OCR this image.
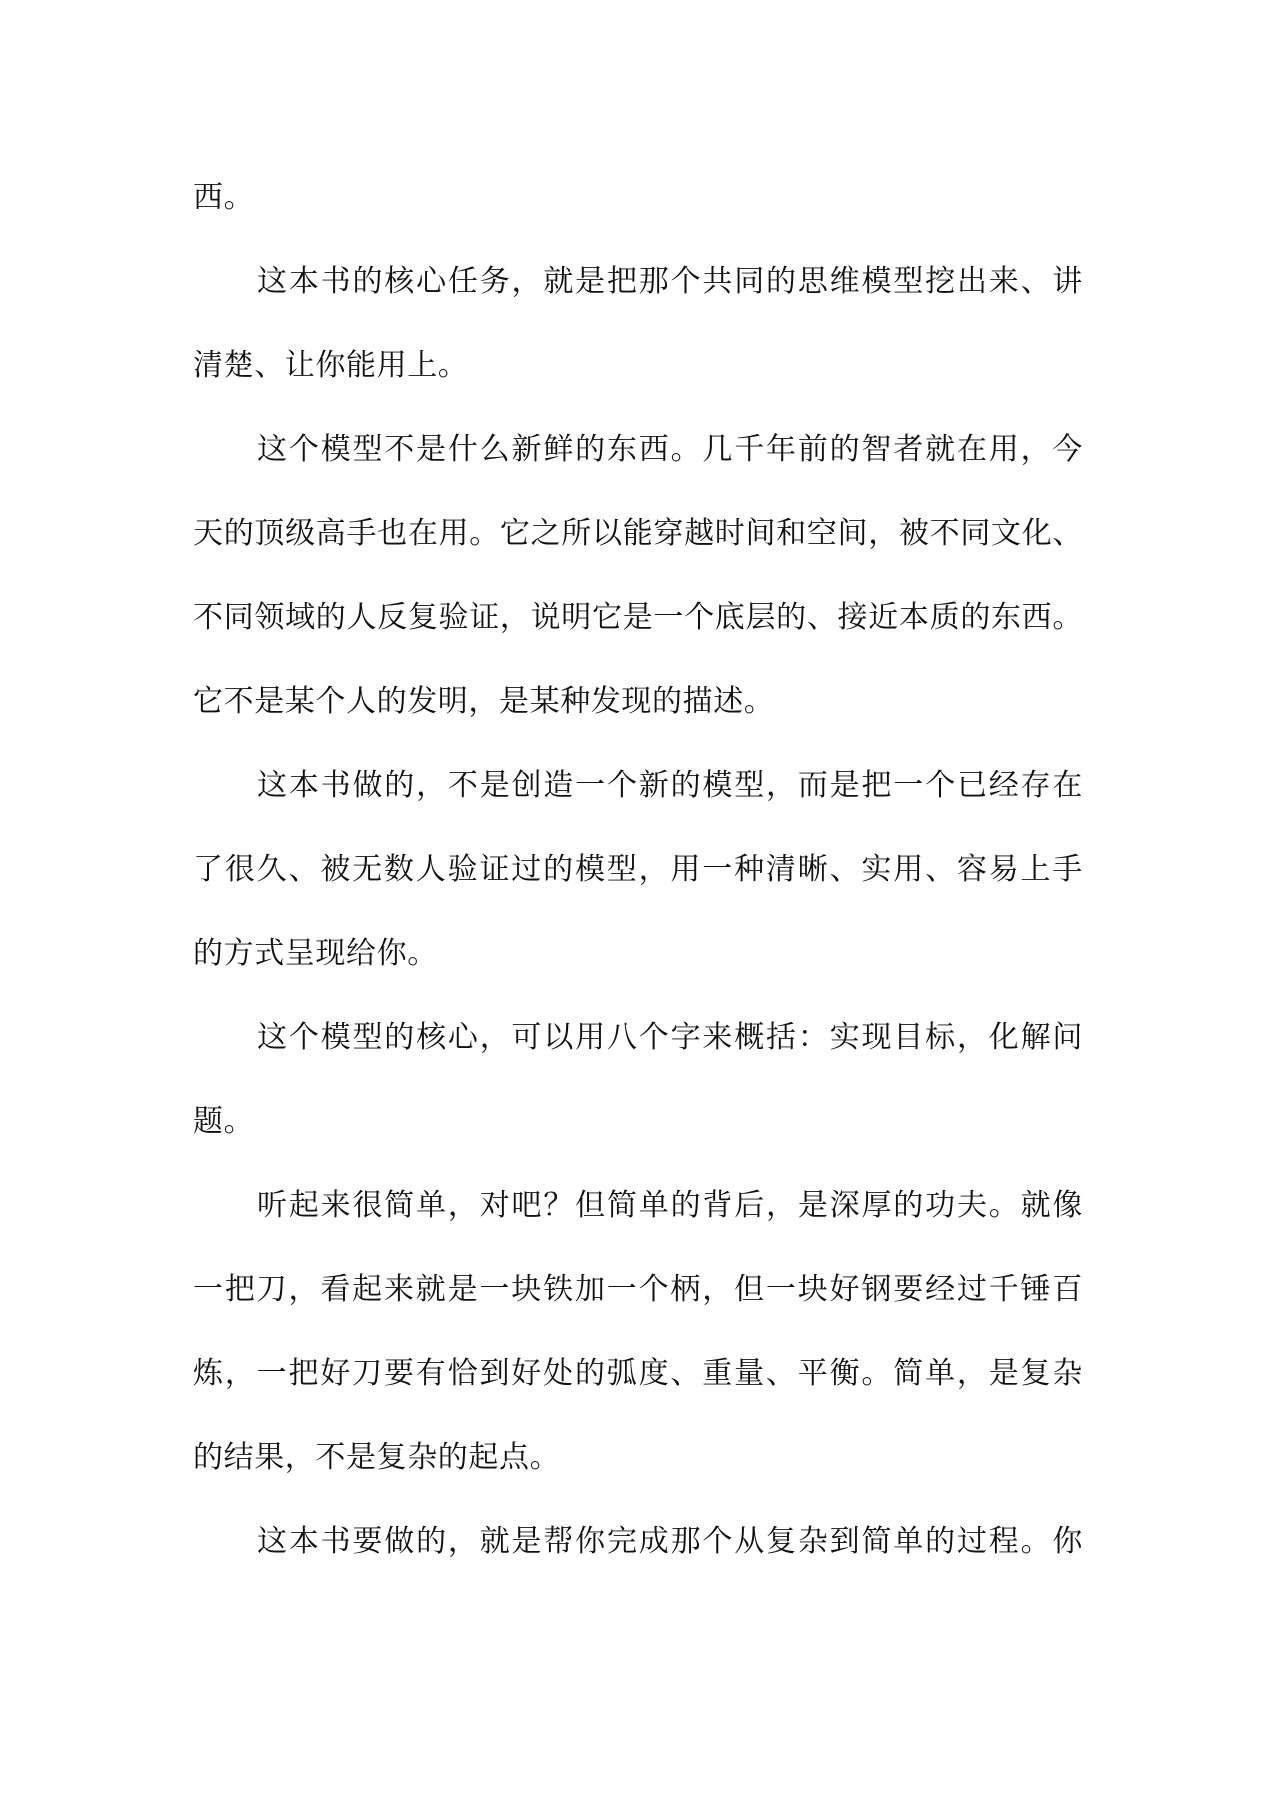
西。
这本书的核心任务，就是把那个共同的思维模型挖出来、讲
清楚、让你能用上。
这个模型不是什么新鲜的东西。几千年前的智者就在用，今
天的顶级高手也在用。它之所以能穿越时间和空间，被不同文化、
不同领域的人反复验证，说明它是一个底层的、接近本质的东西。
它不是某个人的发明，是某种发现的描述。
这本书做的，不是创造一个新的模型，而是把一个已经存在
了很久、被无数人验证过的模型，用一种清晰、实用、容易上手
的方式呈现给你。
这个模型的核心，可以用八个字来概括：实现目标，化解问
题。
听起来很简单，对吧？但简单的背后，是深厚的功夫。就像
一把刀，看起来就是一块铁加一个柄，但一块好钢要经过千锤百
炼，一把好刀要有恰到好处的弧度、重量、平衡。简单，是复杂
的结果，不是复杂的起点。
这本书要做的，就是帮你完成那个从复杂到简单的过程。你
